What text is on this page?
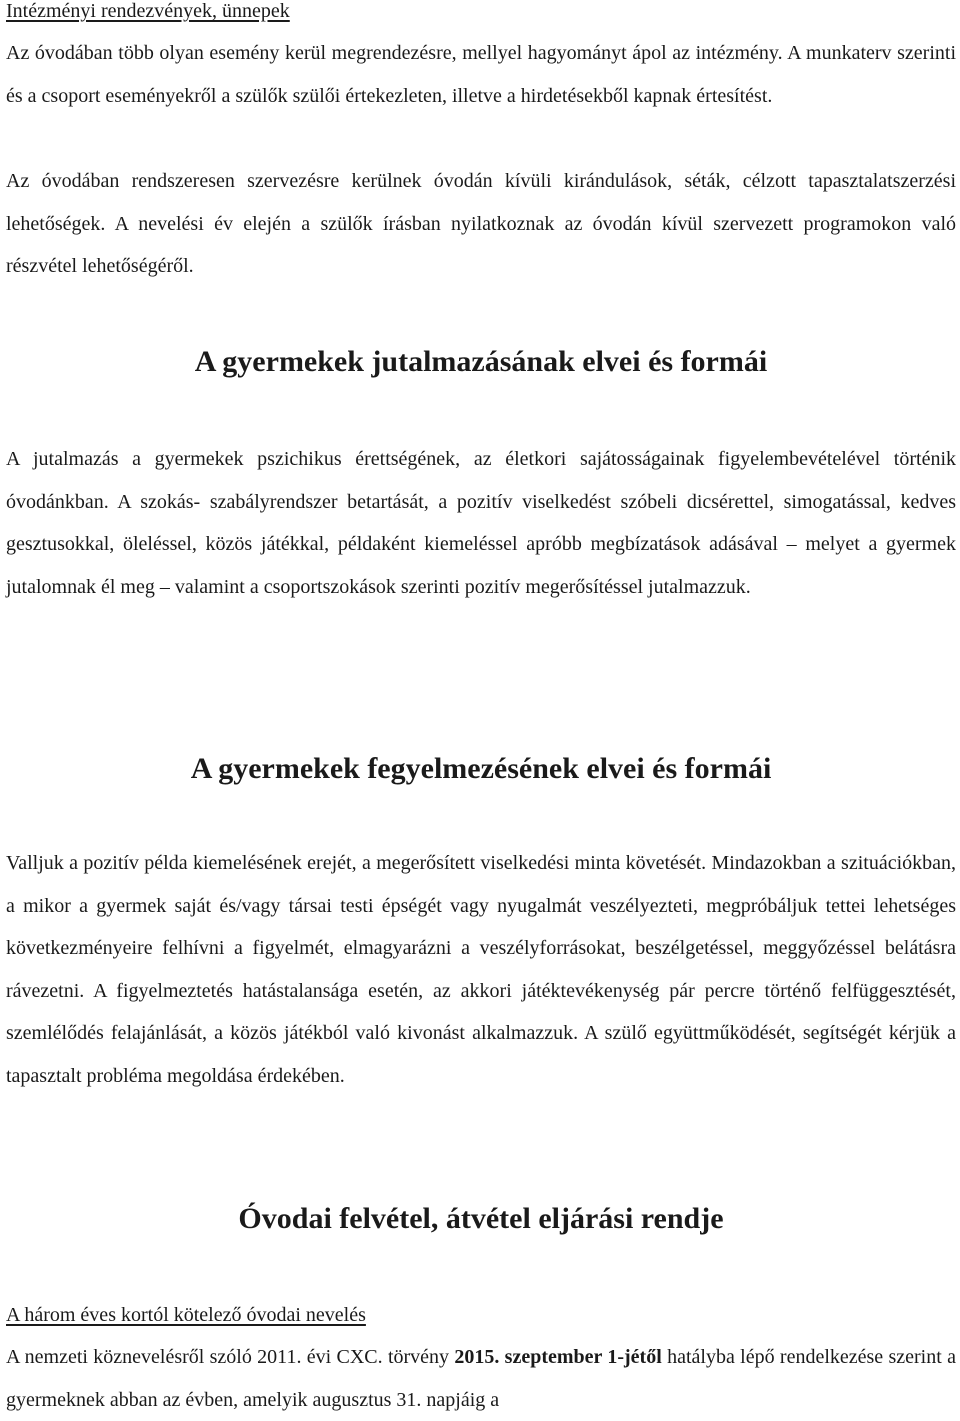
Intézményi rendezvények, ünnepek

Az óvodában több olyan esemény kerül megrendezésre, mellyel hagyományt ápol az intézmény. A munkaterv szerinti és a csoport eseményekről a szülők szülői értekezleten, illetve a hirdetésekből kapnak értesítést.

Az óvodában rendszeresen szervezésre kerülnek óvodán kívüli kirándulások, séták, célzott tapasztalatszerzési lehetőségek. A nevelési év elején a szülők írásban nyilatkoznak az óvodán kívül szervezett programokon való részvétel lehetőségéről.

A gyermekek jutalmazásának elvei és formái

A jutalmazás a gyermekek pszichikus érettségének, az életkori sajátosságainak figyelembevételével történik óvodánkban. A szokás- szabályrendszer betartását, a pozitív viselkedést szóbeli dicsérettel, simogatással, kedves gesztusokkal, öleléssel, közös játékkal, példaként kiemeléssel apróbb megbízatások adásával – melyet a gyermek jutalomnak él meg – valamint a csoportszokások szerinti pozitív megerősítéssel jutalmazzuk.

A gyermekek fegyelmezésének elvei és formái

Valljuk a pozitív példa kiemelésének erejét, a megerősített viselkedési minta követését. Mindazokban a szituációkban, a mikor a gyermek saját és/vagy társai testi épségét vagy nyugalmát veszélyezteti, megpróbáljuk tettei lehetséges következményeire felhívni a figyelmét, elmagyarázni a veszélyforrásokat, beszélgetéssel, meggyőzéssel belátásra rávezetni. A figyelmeztetés hatástalansága esetén, az akkori játéktevékenység pár percre történő felfüggesztését, szemlélődés felajánlását, a közös játékból való kivonást alkalmazzuk. A szülő együttműködését, segítségét kérjük a tapasztalt probléma megoldása érdekében.

Óvodai felvétel, átvétel eljárási rendje

A három éves kortól kötelező óvodai nevelés

A nemzeti köznevelésről szóló 2011. évi CXC. törvény 2015. szeptember 1-jétől hatályba lépő rendelkezése szerint a gyermeknek abban az évben, amelyik augusztus 31. napjáig a
